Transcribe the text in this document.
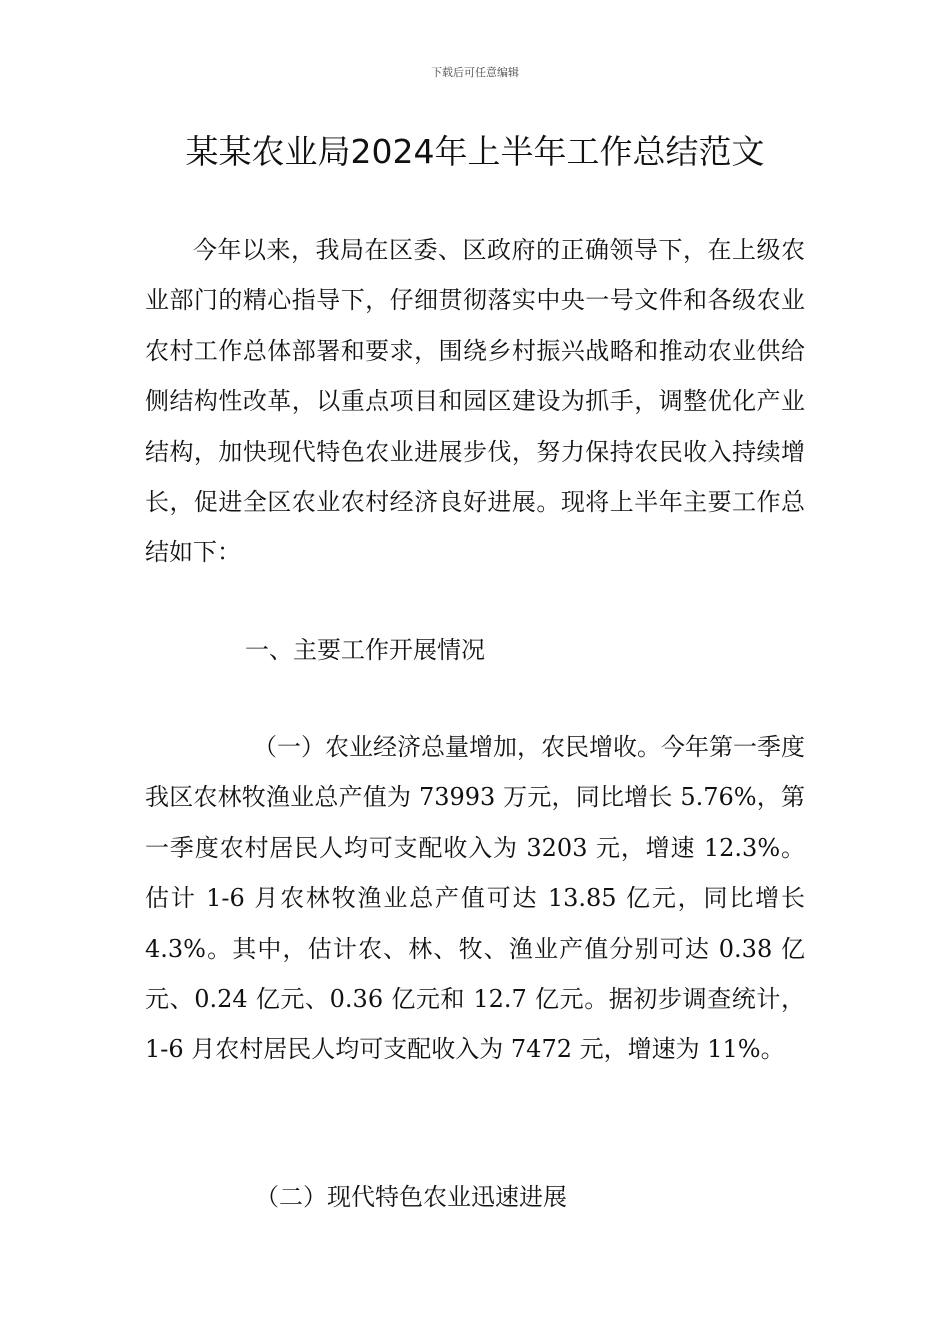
下载后可任意编辑
某某农业局2024年上半年工作总结范文

今年以来，我局在区委、区政府的正确领导下，在上级农业部门的精心指导下，仔细贯彻落实中央一号文件和各级农业农村工作总体部署和要求，围绕乡村振兴战略和推动农业供给侧结构性改革，以重点项目和园区建设为抓手，调整优化产业结构，加快现代特色农业进展步伐，努力保持农民收入持续增长，促进全区农业农村经济良好进展。现将上半年主要工作总结如下：

一、主要工作开展情况

（一）农业经济总量增加，农民增收。今年第一季度我区农林牧渔业总产值为 73993 万元，同比增长 5.76%，第一季度农村居民人均可支配收入为 3203 元，增速 12.3%。估计 1-6 月农林牧渔业总产值可达 13.85 亿元，同比增长 4.3%。其中，估计农、林、牧、渔业产值分别可达 0.38 亿元、0.24 亿元、0.36 亿元和 12.7 亿元。据初步调查统计，1-6 月农村居民人均可支配收入为 7472 元，增速为 11%。

（二）现代特色农业迅速进展
